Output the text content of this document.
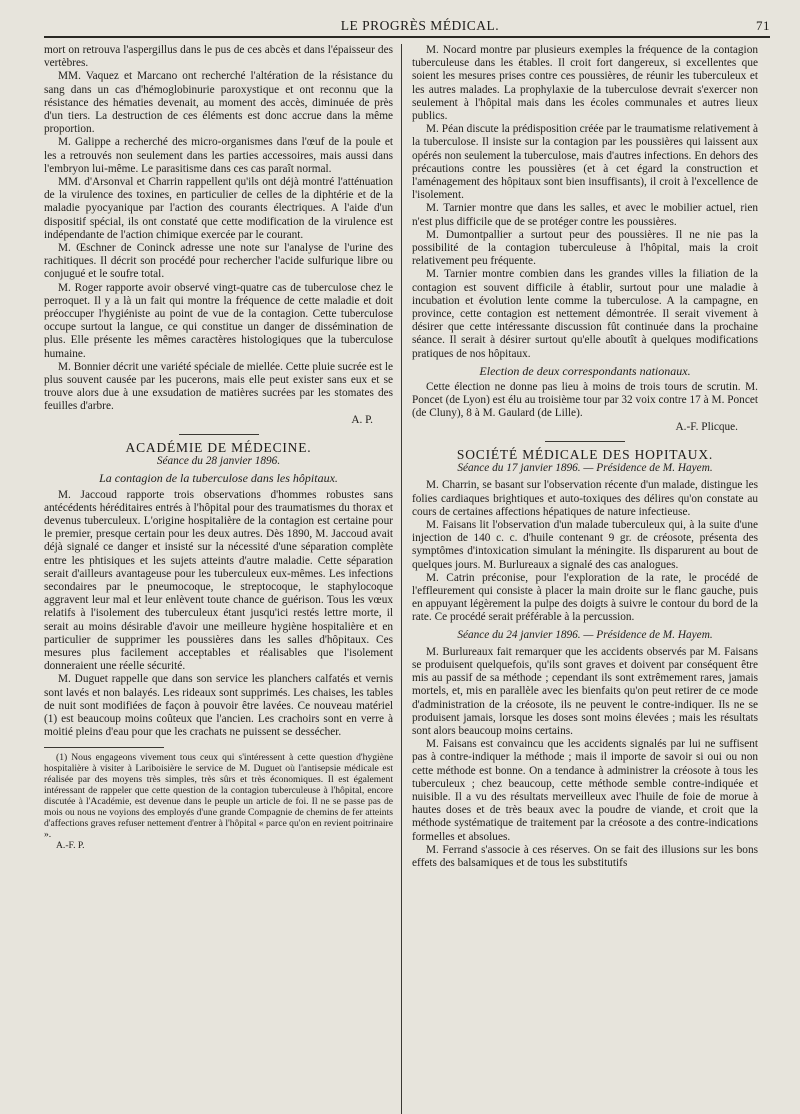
LE PROGRÈS MÉDICAL.	71

mort on retrouva l'aspergillus dans le pus de ces abcès et dans l'épaisseur des vertèbres.

MM. Vaquez et Marcano ont recherché l'altération de la résistance du sang dans un cas d'hémoglobinurie paroxystique et ont reconnu que la résistance des hématies devenait, au moment des accès, diminuée de près d'un tiers. La destruction de ces éléments est donc accrue dans la même proportion.

M. Galippe a recherché des micro-organismes dans l'œuf de la poule et les a retrouvés non seulement dans les parties accessoires, mais aussi dans l'embryon lui-même. Le parasitisme dans ces cas paraît normal.

MM. d'Arsonval et Charrin rappellent qu'ils ont déjà montré l'atténuation de la virulence des toxines, en particulier de celles de la diphtérie et de la maladie pyocyanique par l'action des courants électriques. A l'aide d'un dispositif spécial, ils ont constaté que cette modification de la virulence est indépendante de l'action chimique exercée par le courant.

M. Œschner de Coninck adresse une note sur l'analyse de l'urine des rachitiques. Il décrit son procédé pour rechercher l'acide sulfurique libre ou conjugué et le soufre total.

M. Roger rapporte avoir observé vingt-quatre cas de tuberculose chez le perroquet. Il y a là un fait qui montre la fréquence de cette maladie et doit préoccuper l'hygiéniste au point de vue de la contagion. Cette tuberculose occupe surtout la langue, ce qui constitue un danger de dissémination de plus. Elle présente les mêmes caractères histologiques que la tuberculose humaine.

M. Bonnier décrit une variété spéciale de miellée. Cette pluie sucrée est le plus souvent causée par les pucerons, mais elle peut exister sans eux et se trouve alors due à une exsudation de matières sucrées par les stomates des feuilles d'arbre.

A. P.

ACADÉMIE DE MÉDECINE.
Séance du 28 janvier 1896.
La contagion de la tuberculose dans les hôpitaux.

M. Jaccoud rapporte trois observations d'hommes robustes sans antécédents héréditaires entrés à l'hôpital pour des traumatismes du thorax et devenus tuberculeux. L'origine hospitalière de la contagion est certaine pour le premier, presque certain pour les deux autres. Dès 1890, M. Jaccoud avait déjà signalé ce danger et insisté sur la nécessité d'une séparation complète entre les phtisiques et les sujets atteints d'autre maladie. Cette séparation serait d'ailleurs avantageuse pour les tuberculeux eux-mêmes. Les infections secondaires par le pneumocoque, le streptocoque, le staphylocoque aggravent leur mal et leur enlèvent toute chance de guérison. Tous les vœux relatifs à l'isolement des tuberculeux étant jusqu'ici restés lettre morte, il serait au moins désirable d'avoir une meilleure hygiène hospitalière et en particulier de supprimer les poussières dans les salles d'hôpitaux. Ces mesures plus facilement acceptables et réalisables que l'isolement donneraient une réelle sécurité.

M. Duguet rappelle que dans son service les planchers calfatés et vernis sont lavés et non balayés. Les rideaux sont supprimés. Les chaises, les tables de nuit sont modifiées de façon à pouvoir être lavées. Ce nouveau matériel (1) est beaucoup moins coûteux que l'ancien. Les crachoirs sont en verre à moitié pleins d'eau pour que les crachats ne puissent se dessécher.

(1) Nous engageons vivement tous ceux qui s'intéressent à cette question d'hygiène hospitalière à visiter à Lariboisière le service de M. Duguet où l'antisepsie médicale est réalisée par des moyens très simples, très sûrs et très économiques. Il est également intéressant de rappeler que cette question de la contagion tuberculeuse à l'hôpital, encore discutée à l'Académie, est devenue dans le peuple un article de foi. Il ne se passe pas de mois ou nous ne voyions des employés d'une grande Compagnie de chemins de fer atteints d'affections graves refuser nettement d'entrer à l'hôpital « parce qu'on en revient poitrinaire ».

A.-F. P.

M. Nocard montre par plusieurs exemples la fréquence de la contagion tuberculeuse dans les étables. Il croit fort dangereux, si excellentes que soient les mesures prises contre ces poussières, de réunir les tuberculeux et les autres malades. La prophylaxie de la tuberculose devrait s'exercer non seulement à l'hôpital mais dans les écoles communales et autres lieux publics.

M. Péan discute la prédisposition créée par le traumatisme relativement à la tuberculose. Il insiste sur la contagion par les poussières qui laissent aux opérés non seulement la tuberculose, mais d'autres infections. En dehors des précautions contre les poussières (et à cet égard la construction et l'aménagement des hôpitaux sont bien insuffisants), il croit à l'excellence de l'isolement.

M. Tarnier montre que dans les salles, et avec le mobilier actuel, rien n'est plus difficile que de se protéger contre les poussières.

M. Dumontpallier a surtout peur des poussières. Il ne nie pas la possibilité de la contagion tuberculeuse à l'hôpital, mais la croit relativement peu fréquente.

M. Tarnier montre combien dans les grandes villes la filiation de la contagion est souvent difficile à établir, surtout pour une maladie à incubation et évolution lente comme la tuberculose. A la campagne, en province, cette contagion est nettement démontrée. Il serait vivement à désirer que cette intéressante discussion fût continuée dans la prochaine séance. Il serait à désirer surtout qu'elle aboutît à quelques modifications pratiques de nos hôpitaux.

Election de deux correspondants nationaux.

Cette élection ne donne pas lieu à moins de trois tours de scrutin. M. Poncet (de Lyon) est élu au troisième tour par 32 voix contre 17 à M. Poncet (de Cluny), 8 à M. Gaulard (de Lille).

A.-F. Plicque.

SOCIÉTÉ MÉDICALE DES HOPITAUX.
Séance du 17 janvier 1896. — Présidence de M. Hayem.

M. Charrin, se basant sur l'observation récente d'un malade, distingue les folies cardiaques brightiques et auto-toxiques des délires qu'on constate au cours de certaines affections hépatiques de nature infectieuse.

M. Faisans lit l'observation d'un malade tuberculeux qui, à la suite d'une injection de 140 c. c. d'huile contenant 9 gr. de créosote, présenta des symptômes d'intoxication simulant la méningite. Ils disparurent au bout de quelques jours. M. Burlureaux a signalé des cas analogues.

M. Catrin préconise, pour l'exploration de la rate, le procédé de l'effleurement qui consiste à placer la main droite sur le flanc gauche, puis en appuyant légèrement la pulpe des doigts à suivre le contour du bord de la rate. Ce procédé serait préférable à la percussion.

Séance du 24 janvier 1896. — Présidence de M. Hayem.

M. Burlureaux fait remarquer que les accidents observés par M. Faisans se produisent quelquefois, qu'ils sont graves et doivent par conséquent être mis au passif de sa méthode ; cependant ils sont extrêmement rares, jamais mortels, et, mis en parallèle avec les bienfaits qu'on peut retirer de ce mode d'administration de la créosote, ils ne peuvent le contre-indiquer. Ils ne se produisent jamais, lorsque les doses sont moins élevées ; mais les résultats sont alors beaucoup moins certains.

M. Faisans est convaincu que les accidents signalés par lui ne suffisent pas à contre-indiquer la méthode ; mais il importe de savoir si oui ou non cette méthode est bonne. On a tendance à administrer la créosote à tous les tuberculeux ; chez beaucoup, cette méthode semble contre-indiquée et nuisible. Il a vu des résultats merveilleux avec l'huile de foie de morue à hautes doses et de très beaux avec la poudre de viande, et croit que la méthode systématique de traitement par la créosote a des contre-indications formelles et absolues.

M. Ferrand s'associe à ces réserves. On se fait des illusions sur les bons effets des balsamiques et de tous les substitutifs
